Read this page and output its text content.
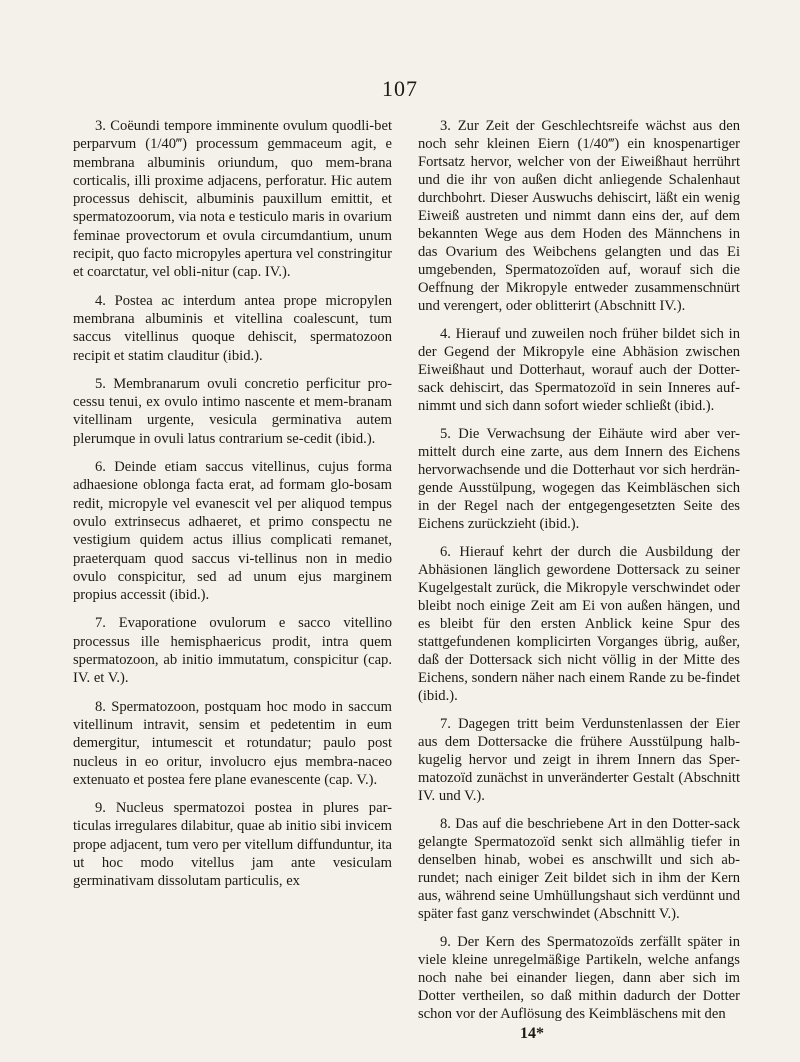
107

3. Coëundi tempore imminente ovulum quodli-bet perparvum (1/40‴) processum gemmaceum agit, e membrana albuminis oriundum, quo mem-brana corticalis, illi proxime adjacens, perforatur. Hic autem processus dehiscit, albuminis pauxillum emittit, et spermatozoorum, via nota e testiculo maris in ovarium feminae provectorum et ovula circumdantium, unum recipit, quo facto micropyles apertura vel constringitur et coarctatur, vel obli-nitur (cap. IV.).

4. Postea ac interdum antea prope micropylen membrana albuminis et vitellina coalescunt, tum saccus vitellinus quoque dehiscit, spermatozoon recipit et statim clauditur (ibid.).

5. Membranarum ovuli concretio perficitur pro-cessu tenui, ex ovulo intimo nascente et mem-branam vitellinam urgente, vesicula germinativa autem plerumque in ovuli latus contrarium se-cedit (ibid.).

6. Deinde etiam saccus vitellinus, cujus forma adhaesione oblonga facta erat, ad formam glo-bosam redit, micropyle vel evanescit vel per aliquod tempus ovulo extrinsecus adhaeret, et primo conspectu ne vestigium quidem actus illius complicati remanet, praeterquam quod saccus vi-tellinus non in medio ovulo conspicitur, sed ad unum ejus marginem propius accessit (ibid.).

7. Evaporatione ovulorum e sacco vitellino processus ille hemisphaericus prodit, intra quem spermatozoon, ab initio immutatum, conspicitur (cap. IV. et V.).

8. Spermatozoon, postquam hoc modo in saccum vitellinum intravit, sensim et pedetentim in eum demergitur, intumescit et rotundatur; paulo post nucleus in eo oritur, involucro ejus membra-naceo extenuato et postea fere plane evanescente (cap. V.).

9. Nucleus spermatozoi postea in plures par-ticulas irregulares dilabitur, quae ab initio sibi invicem prope adjacent, tum vero per vitellum diffunduntur, ita ut hoc modo vitellus jam ante vesiculam germinativam dissolutam particulis, ex

3. Zur Zeit der Geschlechtsreife wächst aus den noch sehr kleinen Eiern (1/40‴) ein knospenartiger Fortsatz hervor, welcher von der Eiweißhaut herrührt und die ihr von außen dicht anliegende Schalenhaut durchbohrt. Dieser Auswuchs dehiscirt, läßt ein wenig Eiweiß austreten und nimmt dann eins der, auf dem bekannten Wege aus dem Hoden des Männchens in das Ovarium des Weibchens gelangten und das Ei umgebenden, Spermatozoïden auf, worauf sich die Oeffnung der Mikropyle entweder zusammenschnürt und verengert, oder oblitterirt (Abschnitt IV.).

4. Hierauf und zuweilen noch früher bildet sich in der Gegend der Mikropyle eine Abhäsion zwischen Eiweißhaut und Dotterhaut, worauf auch der Dotter-sack dehiscirt, das Spermatozoïd in sein Inneres auf-nimmt und sich dann sofort wieder schließt (ibid.).

5. Die Verwachsung der Eihäute wird aber ver-mittelt durch eine zarte, aus dem Innern des Eichens hervorwachsende und die Dotterhaut vor sich herdrän-gende Ausstülpung, wogegen das Keimbläschen sich in der Regel nach der entgegengesetzten Seite des Eichens zurückzieht (ibid.).

6. Hierauf kehrt der durch die Ausbildung der Abhäsionen länglich gewordene Dottersack zu seiner Kugelgestalt zurück, die Mikropyle verschwindet oder bleibt noch einige Zeit am Ei von außen hängen, und es bleibt für den ersten Anblick keine Spur des stattgefundenen komplicirten Vorganges übrig, außer, daß der Dottersack sich nicht völlig in der Mitte des Eichens, sondern näher nach einem Rande zu be-findet (ibid.).

7. Dagegen tritt beim Verdunstenlassen der Eier aus dem Dottersacke die frühere Ausstülpung halb-kugelig hervor und zeigt in ihrem Innern das Sper-matozoïd zunächst in unveränderter Gestalt (Abschnitt IV. und V.).

8. Das auf die beschriebene Art in den Dotter-sack gelangte Spermatozoïd senkt sich allmählig tiefer in denselben hinab, wobei es anschwillt und sich ab-rundet; nach einiger Zeit bildet sich in ihm der Kern aus, während seine Umhüllungshaut sich verdünnt und später fast ganz verschwindet (Abschnitt V.).

9. Der Kern des Spermatozoïds zerfällt später in viele kleine unregelmäßige Partikeln, welche anfangs noch nahe bei einander liegen, dann aber sich im Dotter vertheilen, so daß mithin dadurch der Dotter schon vor der Auflösung des Keimbläschens mit den

14*
